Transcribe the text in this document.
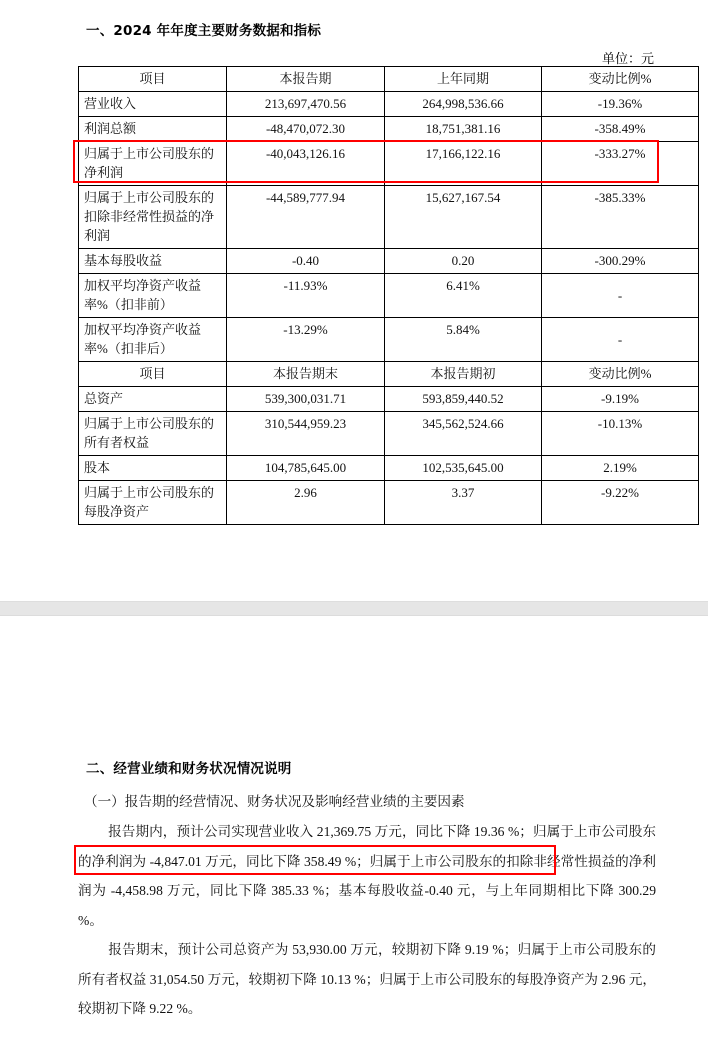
一、2024 年年度主要财务数据和指标
单位：元
项目	本报告期	上年同期	变动比例%
营业收入	213,697,470.56	264,998,536.66	-19.36%
利润总额	-48,470,072.30	18,751,381.16	-358.49%
归属于上市公司股东的净利润	-40,043,126.16	17,166,122.16	-333.27%
归属于上市公司股东的扣除非经常性损益的净利润	-44,589,777.94	15,627,167.54	-385.33%
基本每股收益	-0.40	0.20	-300.29%
加权平均净资产收益率%（扣非前）	-11.93%	6.41%	-
加权平均净资产收益率%（扣非后）	-13.29%	5.84%	-
项目	本报告期末	本报告期初	变动比例%
总资产	539,300,031.71	593,859,440.52	-9.19%
归属于上市公司股东的所有者权益	310,544,959.23	345,562,524.66	-10.13%
股本	104,785,645.00	102,535,645.00	2.19%
归属于上市公司股东的每股净资产	2.96	3.37	-9.22%
二、经营业绩和财务状况情况说明
（一）报告期的经营情况、财务状况及影响经营业绩的主要因素
报告期内，预计公司实现营业收入 21,369.75 万元，同比下降 19.36 %；归属于上市公司股东的净利润为 -4,847.01 万元，同比下降 358.49 %；归属于上市公司股东的扣除非经常性损益的净利润为 -4,458.98 万元，同比下降 385.33 %；基本每股收益-0.40 元，与上年同期相比下降 300.29 %。
报告期末，预计公司总资产为 53,930.00 万元，较期初下降 9.19 %；归属于上市公司股东的所有者权益 31,054.50 万元，较期初下降 10.13 %；归属于上市公司股东的每股净资产为 2.96 元，较期初下降 9.22 %。
